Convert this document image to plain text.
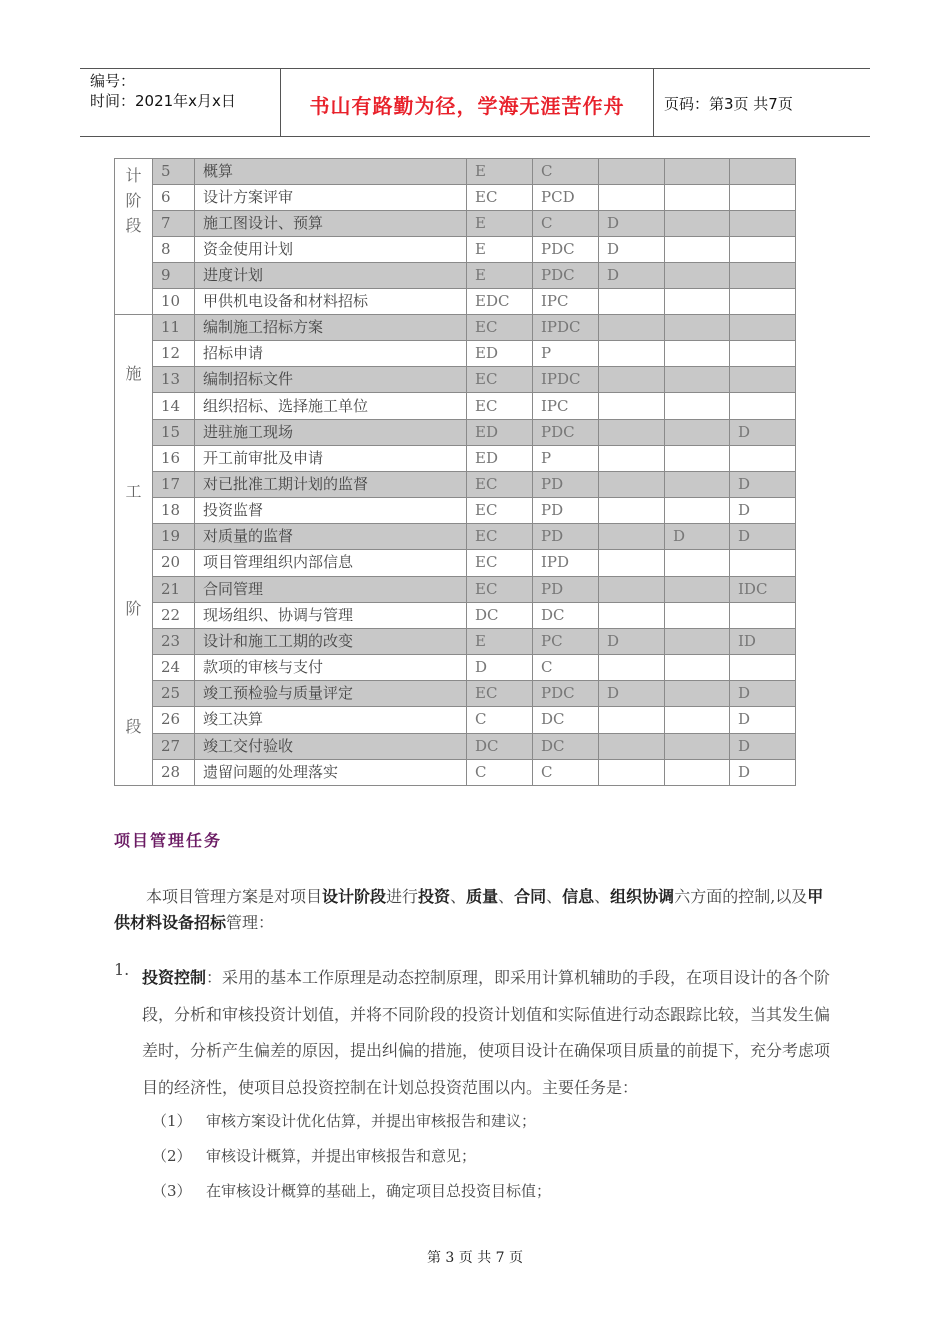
编号：
时间：2021年x月x日	书山有路勤为径，学海无涯苦作舟	页码：第3页 共7页
计
阶
段	5	概算	E	C			
	6	设计方案评审	EC	PCD			
	7	施工图设计、预算	E	C	D		
	8	资金使用计划	E	PDC	D		
	9	进度计划	E	PDC	D		
	10	甲供机电设备和材料招标	EDC	IPC			

施
工
阶
段	11	编制施工招标方案	EC	IPDC			
	12	招标申请	ED	P			
	13	编制招标文件	EC	IPDC			
	14	组织招标、选择施工单位	EC	IPC			
	15	进驻施工现场	ED	PDC			D
	16	开工前审批及申请	ED	P			
	17	对已批准工期计划的监督	EC	PD			D
	18	投资监督	EC	PD			D
	19	对质量的监督	EC	PD		D	D
	20	项目管理组织内部信息	EC	IPD			
	21	合同管理	EC	PD			IDC
	22	现场组织、协调与管理	DC	DC			
	23	设计和施工工期的改变	E	PC	D		ID
	24	款项的审核与支付	D	C			
	25	竣工预检验与质量评定	EC	PDC	D		D
	26	竣工决算	C	DC			D
	27	竣工交付验收	DC	DC			D
	28	遗留问题的处理落实	C	C			D
项目管理任务

本项目管理方案是对项目设计阶段进行投资、质量、合同、信息、组织协调六方面的控制,以及甲供材料设备招标管理：

1. 投资控制：采用的基本工作原理是动态控制原理，即采用计算机辅助的手段，在项目设计的各个阶段，分析和审核投资计划值，并将不同阶段的投资计划值和实际值进行动态跟踪比较，当其发生偏差时，分析产生偏差的原因，提出纠偏的措施，使项目设计在确保项目质量的前提下，充分考虑项目的经济性，使项目总投资控制在计划总投资范围以内。主要任务是：

（1） 审核方案设计优化估算，并提出审核报告和建议；
（2） 审核设计概算，并提出审核报告和意见；
（3） 在审核设计概算的基础上，确定项目总投资目标值；
第 3 页 共 7 页
